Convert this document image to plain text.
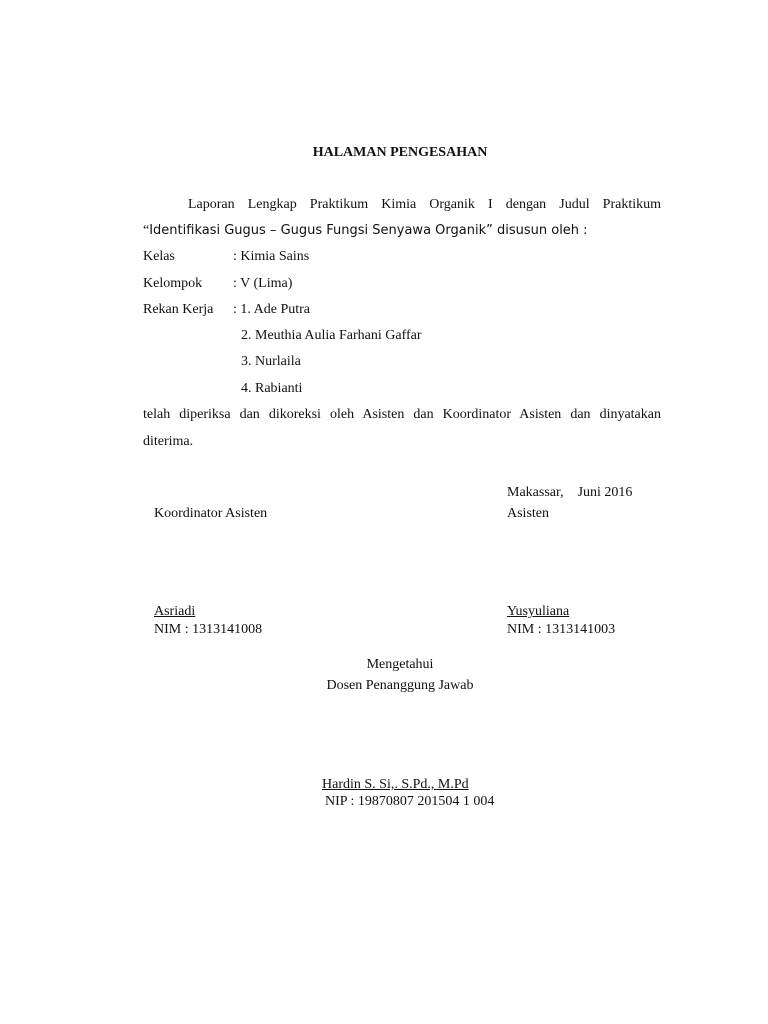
HALAMAN PENGESAHAN
Laporan Lengkap Praktikum Kimia Organik I dengan Judul Praktikum
“Identifikasi Gugus – Gugus Fungsi Senyawa Organik” disusun oleh :
Kelas	: Kimia Sains
Kelompok : V (Lima)
Rekan Kerja : 1. Ade Putra
2. Meuthia Aulia Farhani Gaffar
3. Nurlaila
4. Rabianti
telah diperiksa dan dikoreksi oleh Asisten dan Koordinator Asisten dan dinyatakan
diterima.
Makassar,    Juni 2016
Koordinator Asisten	Asisten
Asriadi	Yusyuliana
NIM : 1313141008	NIM : 1313141003
Mengetahui
Dosen Penanggung Jawab
Hardin S. Si,. S.Pd., M.Pd
NIP : 19870807 201504 1 004
